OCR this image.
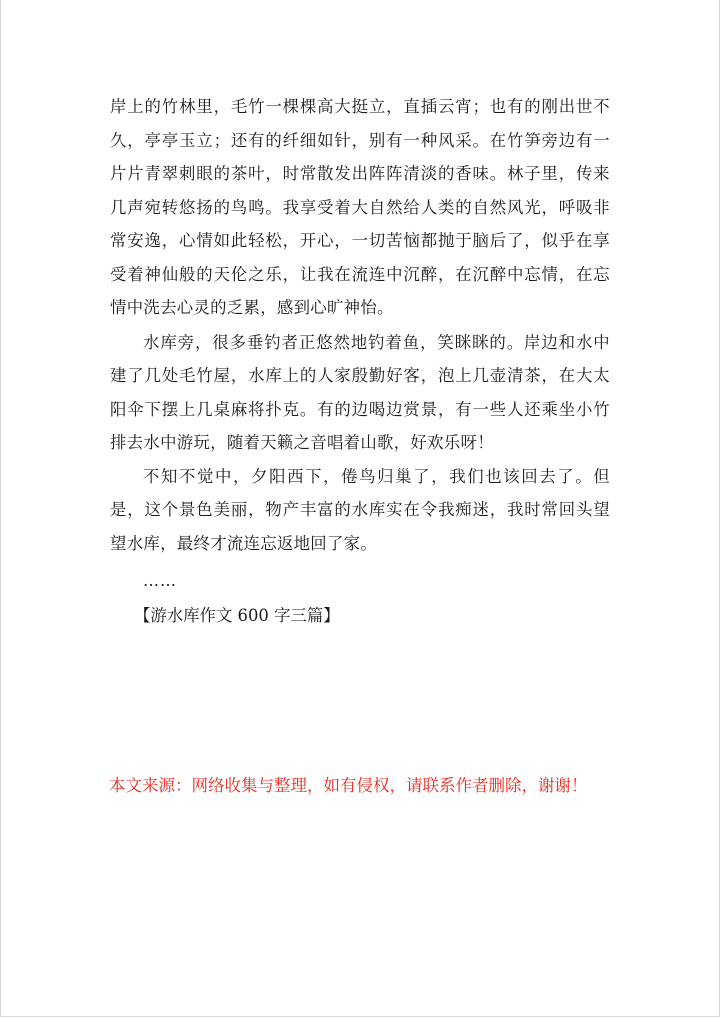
岸上的竹林里，毛竹一棵棵高大挺立，直插云宵；也有的刚出世不久，亭亭玉立；还有的纤细如针，别有一种风采。在竹笋旁边有一片片青翠刺眼的茶叶，时常散发出阵阵清淡的香味。林子里，传来几声宛转悠扬的鸟鸣。我享受着大自然给人类的自然风光，呼吸非常安逸，心情如此轻松，开心，一切苦恼都抛于脑后了，似乎在享受着神仙般的天伦之乐，让我在流连中沉醉，在沉醉中忘情，在忘情中洗去心灵的乏累，感到心旷神怡。

水库旁，很多垂钓者正悠然地钓着鱼，笑眯眯的。岸边和水中建了几处毛竹屋，水库上的人家殷勤好客，泡上几壶清茶，在大太阳伞下摆上几桌麻将扑克。有的边喝边赏景，有一些人还乘坐小竹排去水中游玩，随着天籁之音唱着山歌，好欢乐呀！

不知不觉中，夕阳西下，倦鸟归巢了，我们也该回去了。但是，这个景色美丽，物产丰富的水库实在令我痴迷，我时常回头望望水库，最终才流连忘返地回了家。

……
【游水库作文 600 字三篇】
本文来源：网络收集与整理，如有侵权，请联系作者删除，谢谢！
